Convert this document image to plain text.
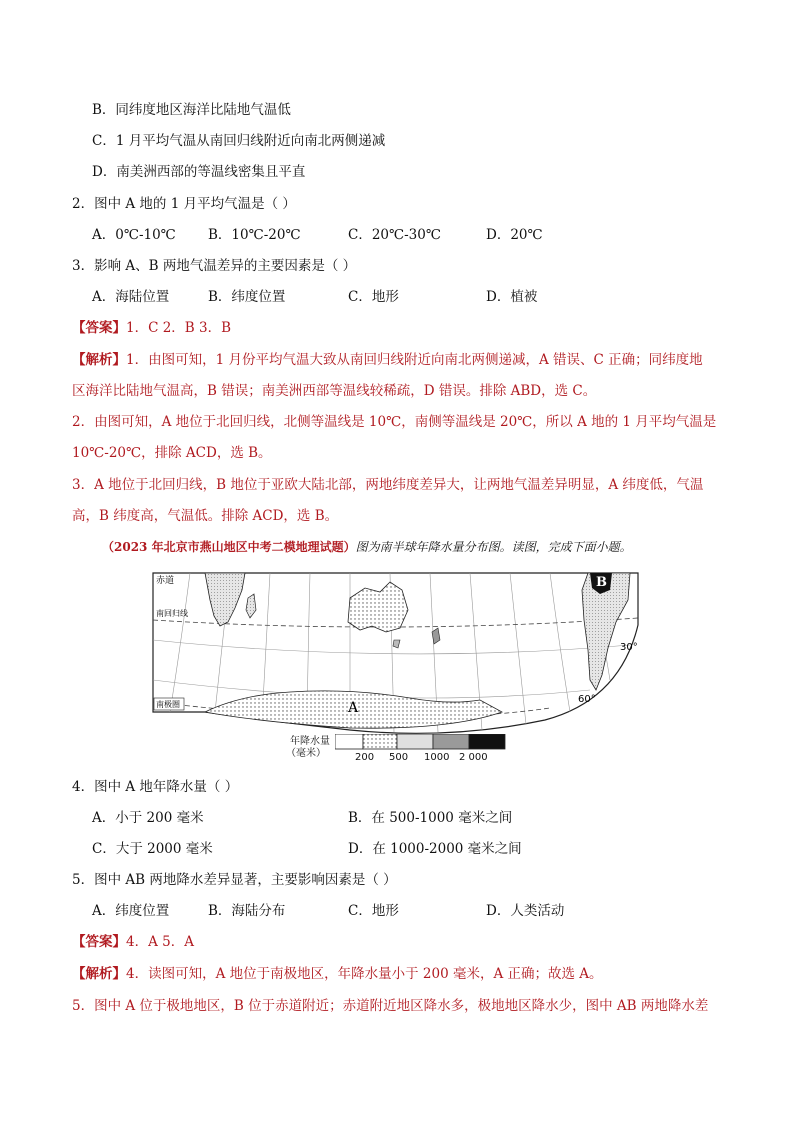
B．同纬度地区海洋比陆地气温低
C．1 月平均气温从南回归线附近向南北两侧递减
D．南美洲西部的等温线密集且平直
2．图中 A 地的 1 月平均气温是（ ）
A．0℃-10℃ B．10℃-20℃	C．20℃-30℃	D．20℃
3．影响 A、B 两地气温差异的主要因素是（ ）
A．海陆位置	B．纬度位置	C．地形	D．植被
【答案】1．C 2．B 3．B
【解析】1．由图可知，1 月份平均气温大致从南回归线附近向南北两侧递减，A 错误、C 正确；同纬度地
区海洋比陆地气温高，B 错误；南美洲西部等温线较稀疏，D 错误。排除 ABD，选 C。
2．由图可知，A 地位于北回归线，北侧等温线是 10℃，南侧等温线是 20℃，所以 A 地的 1 月平均气温是
10℃-20℃，排除 ACD，选 B。
3．A 地位于北回归线，B 地位于亚欧大陆北部，两地纬度差异大，让两地气温差异明显，A 纬度低，气温
高，B 纬度高，气温低。排除 ACD，选 B。
（2023 年北京市燕山地区中考二模地理试题）图为南半球年降水量分布图。读图，完成下面小题。
赤道
南回归线
南极圈	A
B
30°
60°
年降水量
（毫米）	200 500 1000 2 000
4．图中 A 地年降水量（ ）
A．小于 200 毫米	B．在 500-1000 毫米之间
C．大于 2000 毫米	D．在 1000-2000 毫米之间
5．图中 AB 两地降水差异显著，主要影响因素是（ ）
A．纬度位置	B．海陆分布	C．地形	D．人类活动
【答案】4．A 5．A
【解析】4．读图可知，A 地位于南极地区，年降水量小于 200 毫米，A 正确；故选 A。
5．图中 A 位于极地地区，B 位于赤道附近；赤道附近地区降水多，极地地区降水少，图中 AB 两地降水差
